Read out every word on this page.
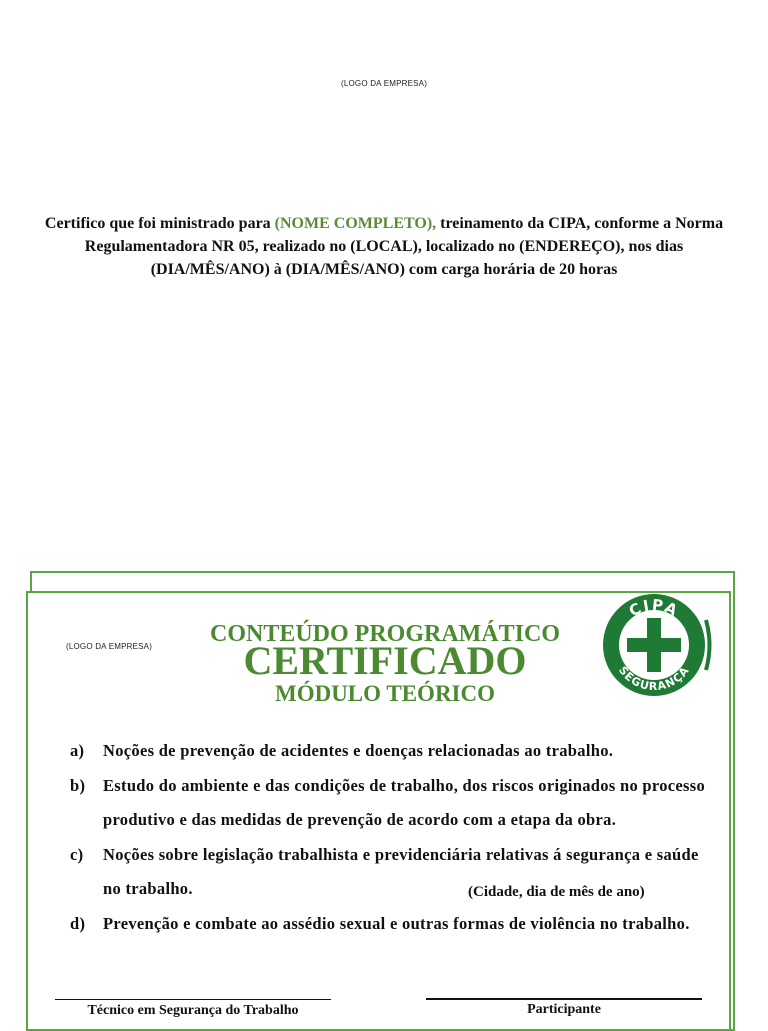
(LOGO DA EMPRESA)
Certifico que foi ministrado para (NOME COMPLETO), treinamento da CIPA, conforme a Norma Regulamentadora NR 05, realizado no (LOCAL), localizado no (ENDEREÇO), nos dias (DIA/MÊS/ANO) à (DIA/MÊS/ANO) com carga horária de 20 horas
(LOGO DA EMPRESA)	CONTEÚDO PROGRAMÁTICO
CERTIFICADO
MÓDULO TEÓRICO
CIPA
SEGURANÇA
a) Noções de prevenção de acidentes e doenças relacionadas ao trabalho.
b) Estudo do ambiente e das condições de trabalho, dos riscos originados no processo produtivo e das medidas de prevenção de acordo com a etapa da obra.
c) Noções sobre legislação trabalhista e previdenciária relativas á segurança e saúde no trabalho.
d) Prevenção e combate ao assédio sexual e outras formas de violência no trabalho.
(Cidade, dia de mês de ano)
Técnico em Segurança do Trabalho	Participante
